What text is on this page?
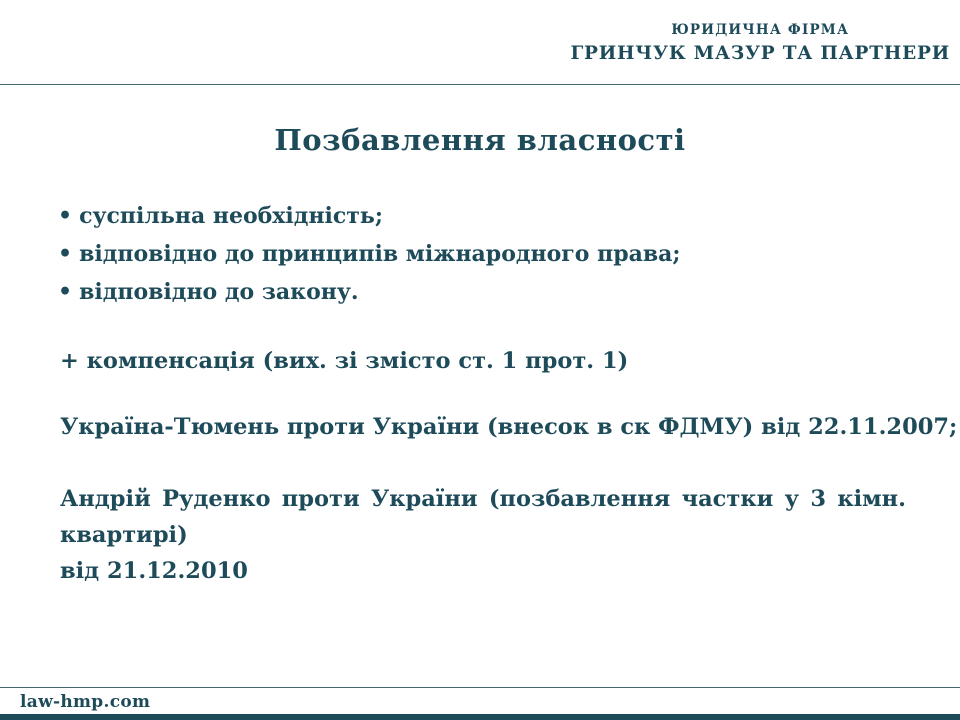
ЮРИДИЧНА ФІРМА
ГРИНЧУК МАЗУР ТА ПАРТНЕРИ
Позбавлення власності
• суспільна необхідність;
• відповідно до принципів міжнародного права;
• відповідно до закону.

+ компенсація (вих. зі змісто ст. 1 прот. 1)

Україна-Тюмень проти України (внесок в ск ФДМУ) від 22.11.2007;

Андрій Руденко проти України (позбавлення частки у 3 кімн. квартирі)
від 21.12.2010

law-hmp.com
